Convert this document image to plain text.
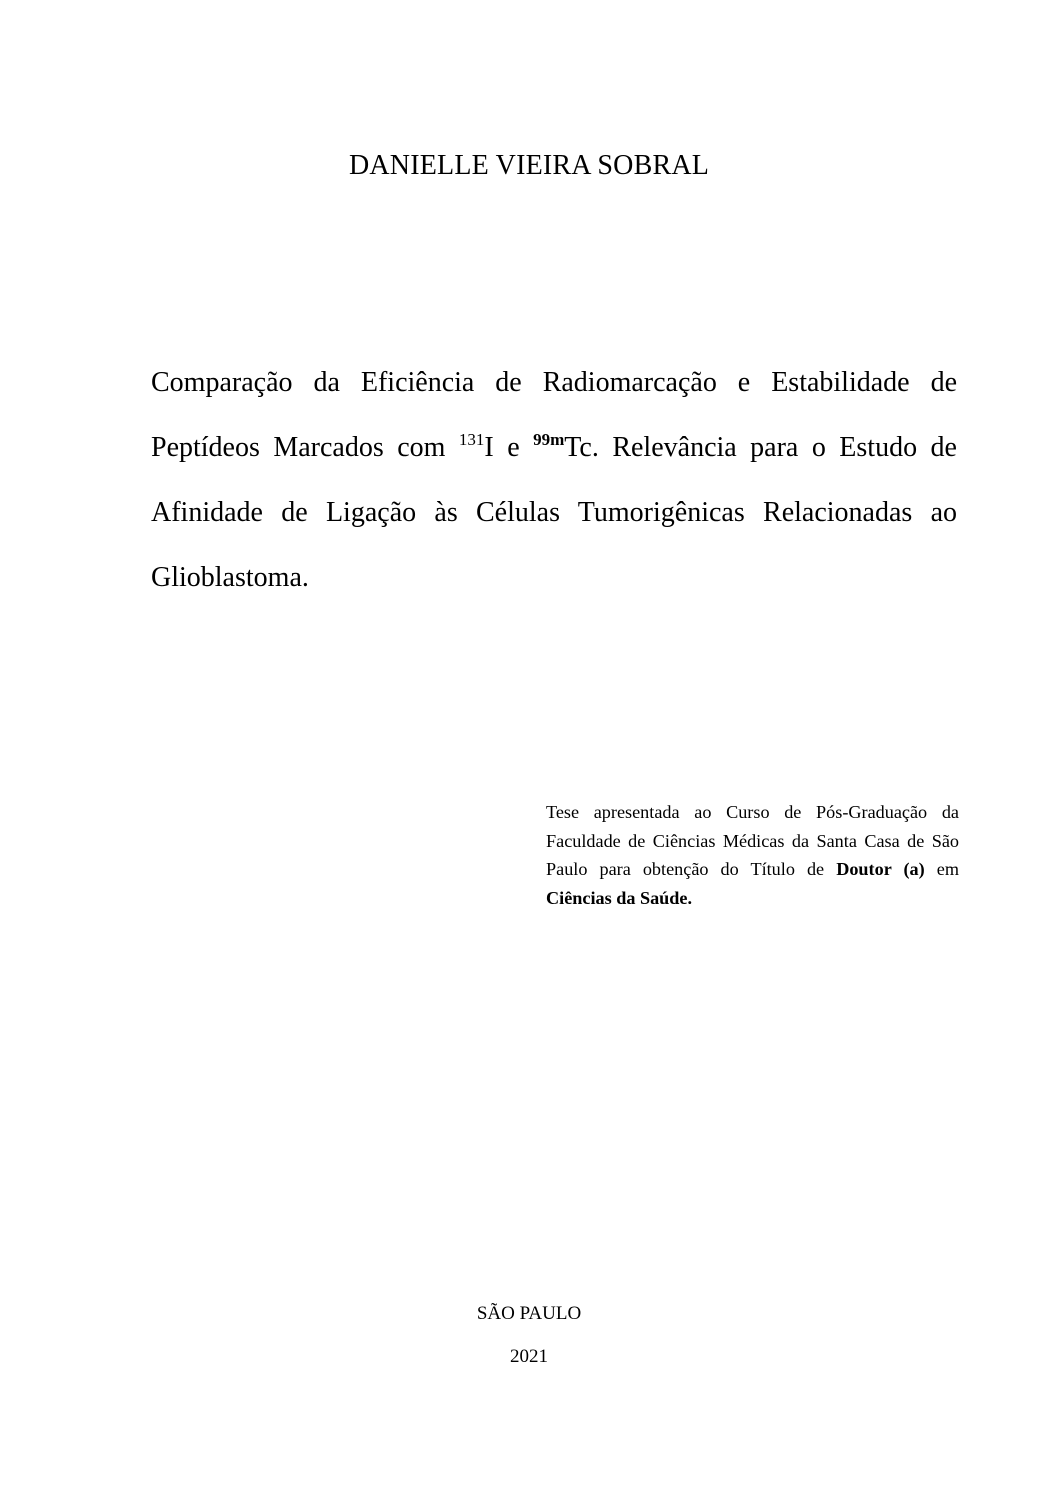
DANIELLE VIEIRA SOBRAL

Comparação da Eficiência de Radiomarcação e Estabilidade de Peptídeos Marcados com $^{131}$I e $^{99m}$Tc. Relevância para o Estudo de Afinidade de Ligação às Células Tumorigênicas Relacionadas ao Glioblastoma.

Tese apresentada ao Curso de Pós-Graduação da Faculdade de Ciências Médicas da Santa Casa de São Paulo para obtenção do Título de Doutor (a) em Ciências da Saúde.

SÃO PAULO

2021
